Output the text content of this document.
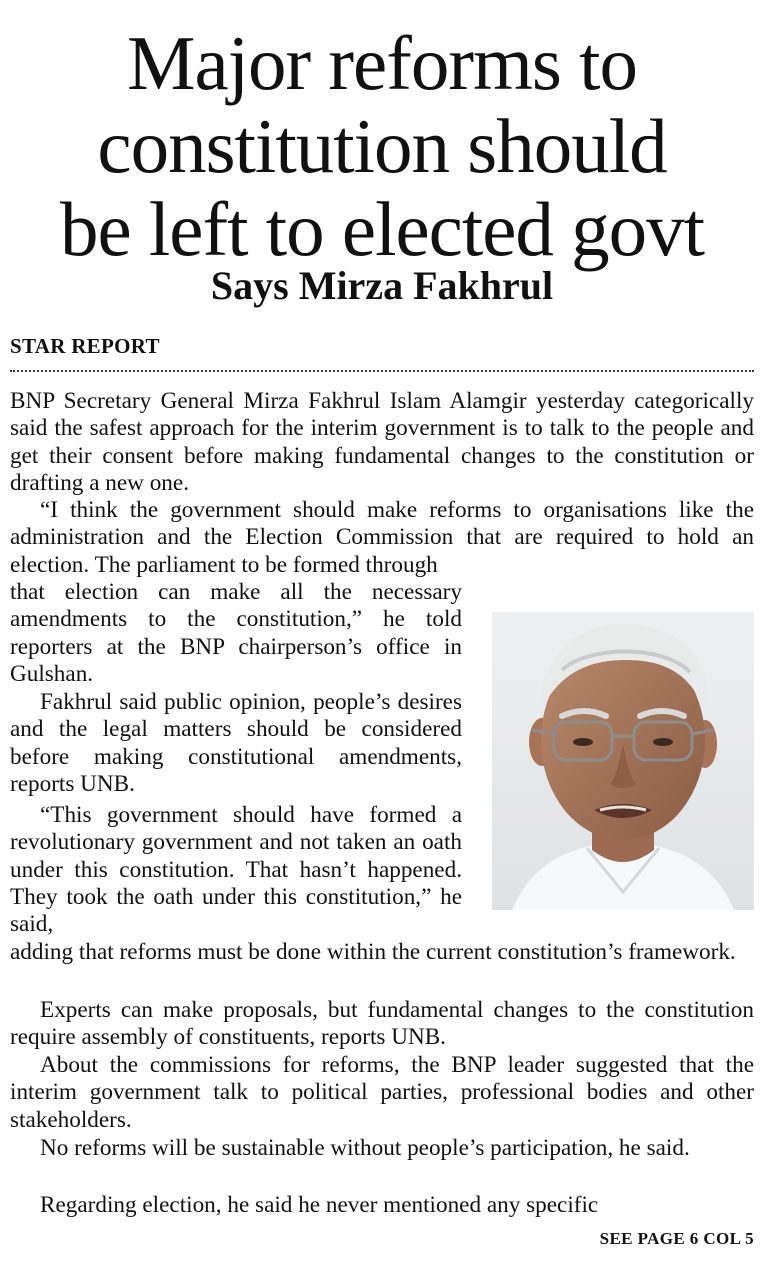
Major reforms to
constitution should
be left to elected govt
Says Mirza Fakhrul
STAR REPORT

BNP Secretary General Mirza Fakhrul Islam Alamgir yesterday categorically said the safest approach for the interim government is to talk to the people and get their consent before making fundamental changes to the constitution or drafting a new one.

“I think the government should make reforms to organisations like the administration and the Election Commission that are required to hold an election. The parliament to be formed through

that election can make all the necessary amendments to the constitution,” he told reporters at the BNP chairperson’s office in Gulshan.

Fakhrul said public opinion, people’s desires and the legal matters should be considered before making constitutional amendments, reports UNB.

“This government should have formed a revolutionary government and not taken an oath under this constitution. That hasn’t happened. They took the oath under this constitution,” he said,

adding that reforms must be done within the current constitution’s framework.

Experts can make proposals, but fundamental changes to the constitution require assembly of constituents, reports UNB.

About the commissions for reforms, the BNP leader suggested that the interim government talk to political parties, professional bodies and other stakeholders.

No reforms will be sustainable without people’s participation, he said.

Regarding election, he said he never mentioned any specific

SEE PAGE 6 COL 5
